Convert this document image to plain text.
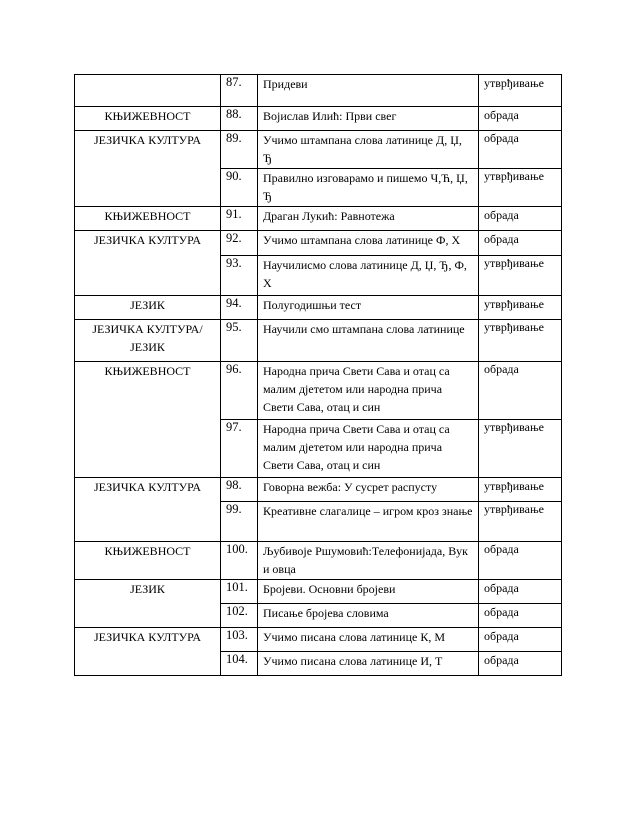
	87.	Придеви	утврђивање
КЊИЖЕВНОСТ	88.	Војислав Илић: Први свег	обрада
ЈЕЗИЧКА КУЛТУРА	89.	Учимо штампана слова латинице Д, Џ, Ђ	обрада
	90.	Правилно изговарамо и пишемо Ч,Ћ, Џ, Ђ	утврђивање
КЊИЖЕВНОСТ	91.	Драган Лукић: Равнотежа	обрада
ЈЕЗИЧКА КУЛТУРА	92.	Учимо штампана слова латинице Ф, Х	обрада
	93.	Научилисмо слова латинице Д, Џ, Ђ, Ф, Х	утврђивање
ЈЕЗИК	94.	Полугодишњи тест	утврђивање
ЈЕЗИЧКА КУЛТУРА/ЈЕЗИК	95.	Научили смо штампана слова латинице	утврђивање
КЊИЖЕВНОСТ	96.	Народна прича Свети Сава и отац са малим дјететом или народна прича Свети Сава, отац и син	обрада
	97.	Народна прича Свети Сава и отац са малим дјететом или народна прича Свети Сава, отац и син	утврђивање
ЈЕЗИЧКА КУЛТУРА	98.	Говорна вежба: У сусрет распусту	утврђивање
	99.	Креативне слагалице – игром кроз знање	утврђивање
КЊИЖЕВНОСТ	100.	Љубивоје Ршумовић:Телефонијада, Вук и овца	обрада
ЈЕЗИК	101.	Бројеви. Основни бројеви	обрада
	102.	Писање бројева словима	обрада
ЈЕЗИЧКА КУЛТУРА	103.	Учимо писана слова латинице К, М	обрада
	104.	Учимо писана слова латинице И, Т	обрада
